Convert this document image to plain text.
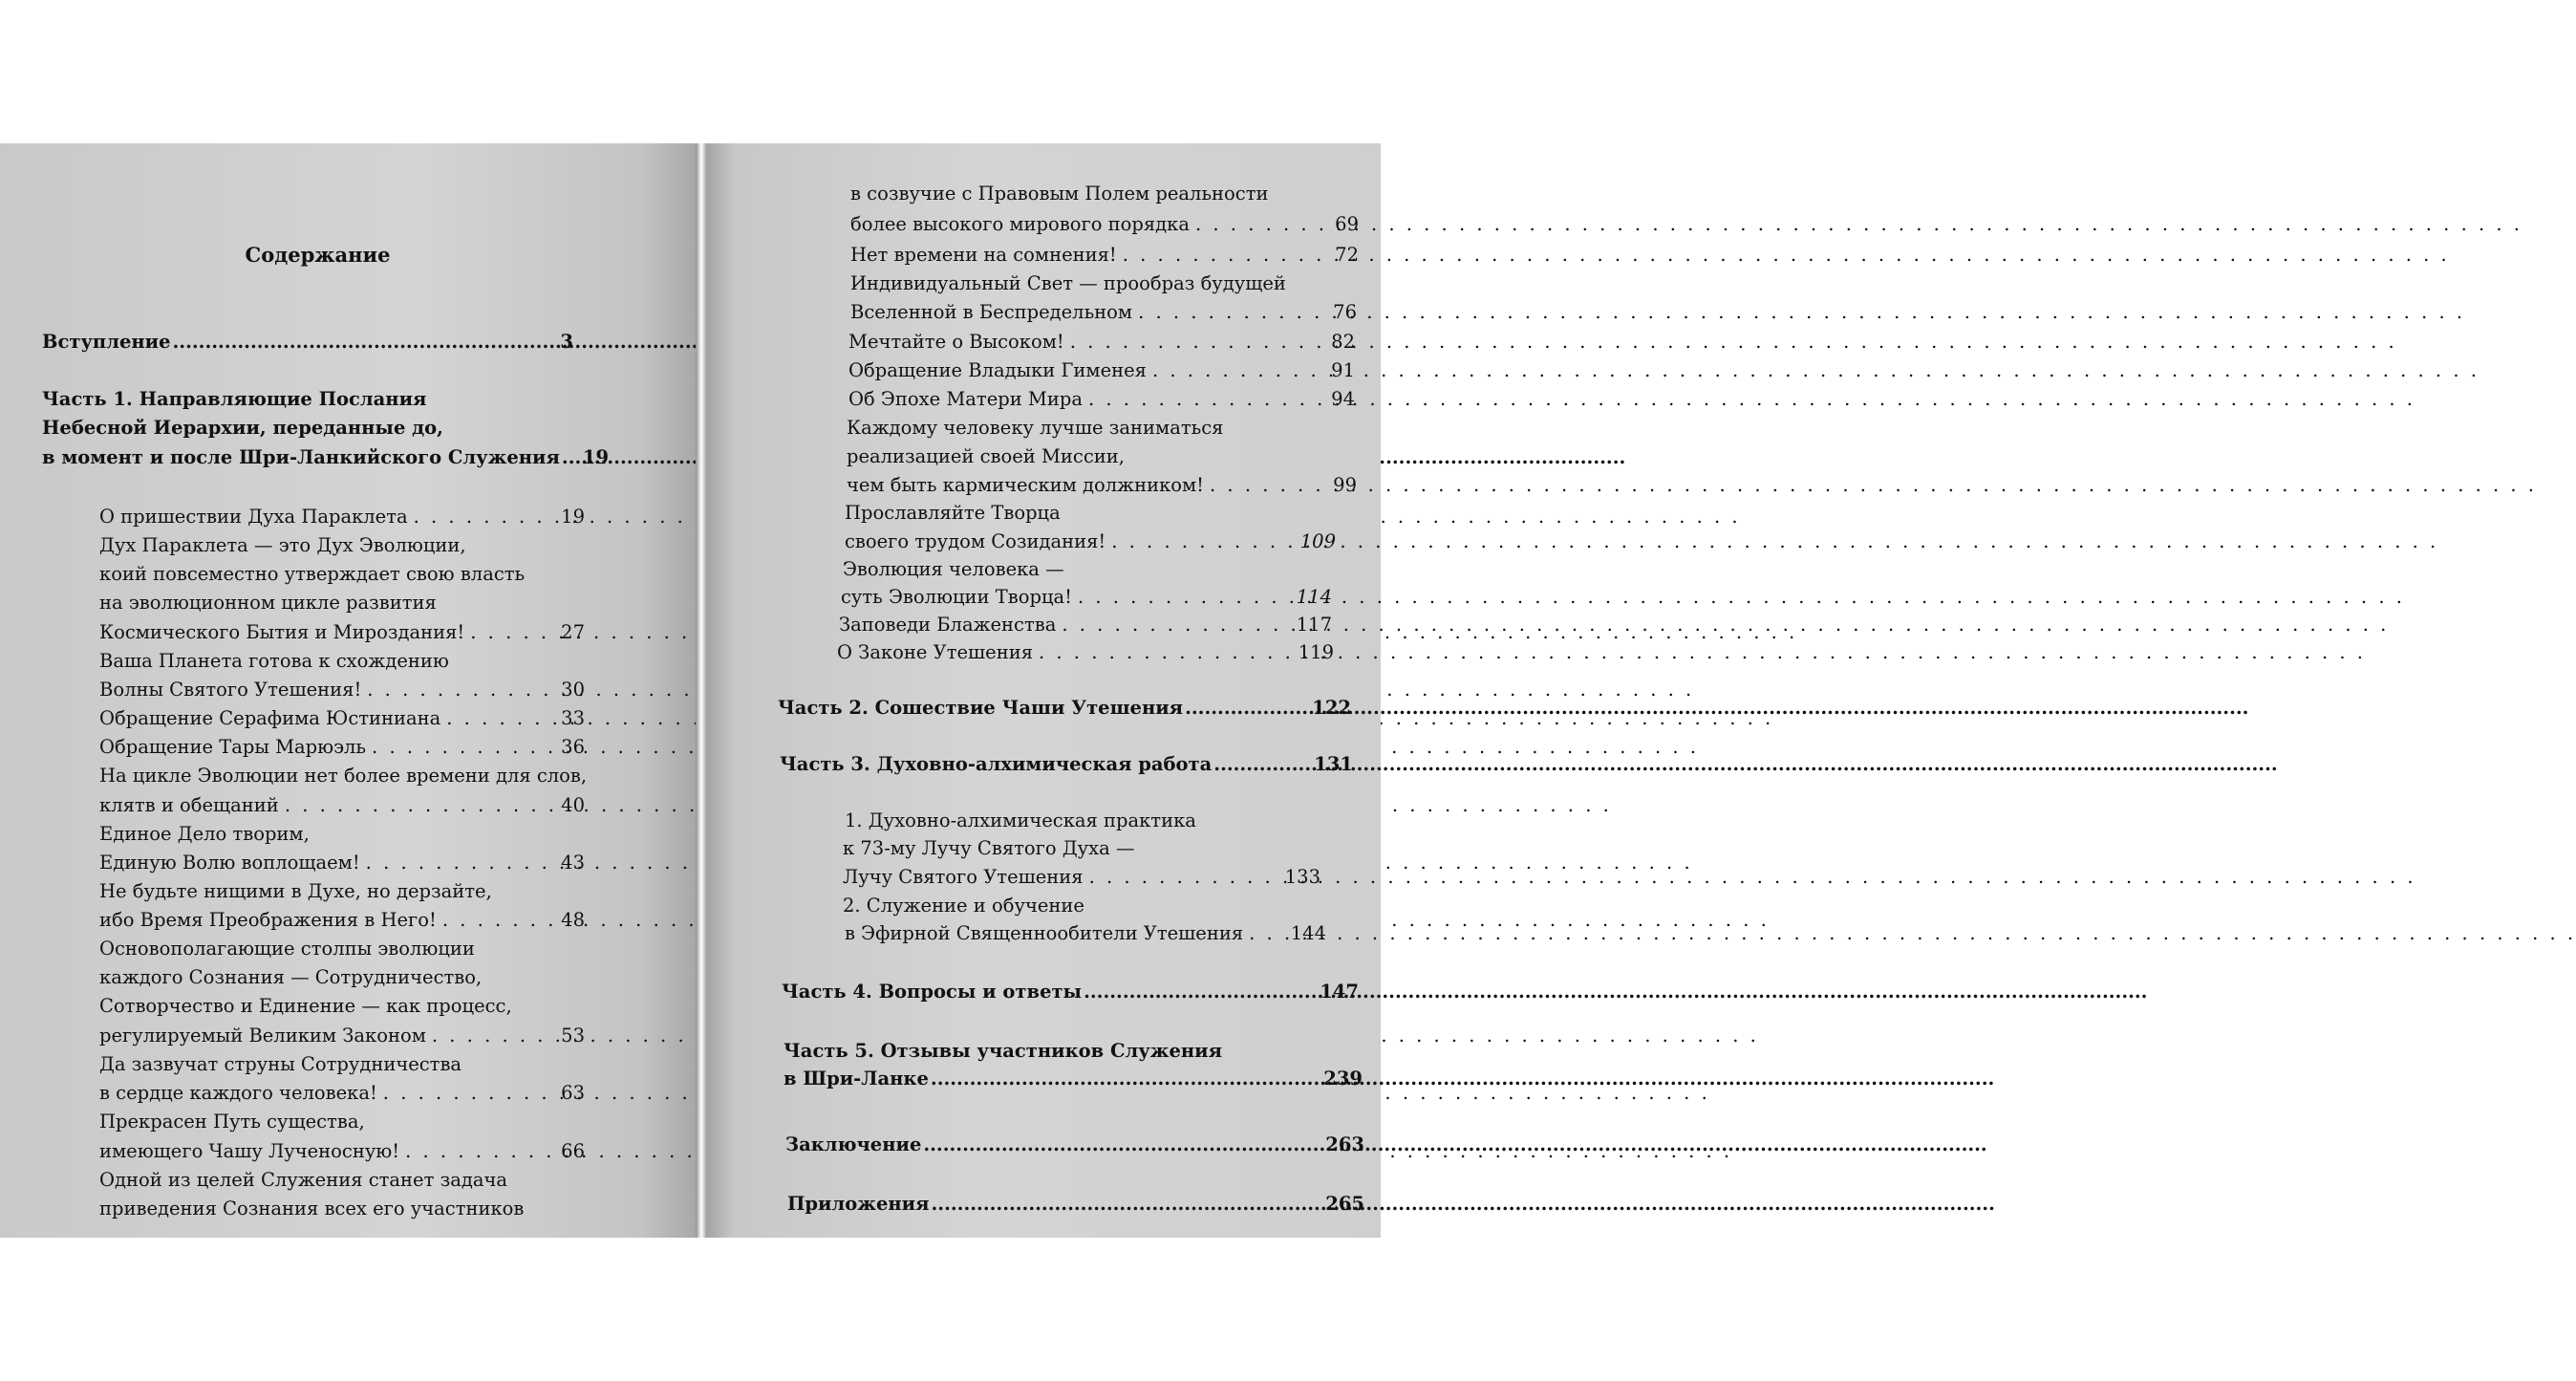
Содержание
Вступление .....	3
Часть 1. Направляющие Послания
Небесной Иерархии, переданные до,
в момент и после Шри-Ланкийского Служения ..... 19
О пришествии Духа Параклета . . .	19
Дух Параклета — это Дух Эволюции,
коий повсеместно утверждает свою власть
на эволюционном цикле развития
Космического Бытия и Мироздания! . . .	27
Ваша Планета готова к схождению
Волны Святого Утешения! . . .	30
Обращение Серафима Юстиниана . . .	33
Обращение Тары Марюэль . . .	36
На цикле Эволюции нет более времени для слов,
клятв и обещаний . . .	40
Единое Дело творим,
Единую Волю воплощаем! . . .	43
Не будьте нищими в Духе, но дерзайте,
ибо Время Преображения в Него! . . .	48
Основополагающие столпы эволюции
каждого Сознания — Сотрудничество,
Сотворчество и Единение — как процесс,
регулируемый Великим Законом . . .	53
Да зазвучат струны Сотрудничества
в сердце каждого человека! . . .	63
Прекрасен Путь существа,
имеющего Чашу Лученосную! . . .	66
Одной из целей Служения станет задача
приведения Сознания всех его участников
в созвучие с Правовым Полем реальности
более высокого мирового порядка . . .	69
Нет времени на сомнения! . . .	72
Индивидуальный Свет — прообраз будущей
Вселенной в Беспредельном . . .	76
Мечтайте о Высоком! . . .	82
Обращение Владыки Гименея . . .	91
Об Эпохе Матери Мира . . .	94
Каждому человеку лучше заниматься
реализацией своей Миссии,
чем быть кармическим должником! . . .	99
Прославляйте Творца
своего трудом Созидания! . . .	109
Эволюция человека —
суть Эволюции Творца! . . .	114
Заповеди Блаженства . . .	117
О Законе Утешения . . .	119
Часть 2. Сошествие Чаши Утешения .....	122
Часть 3. Духовно-алхимическая работа .....	131
1. Духовно-алхимическая практика
к 73-му Лучу Святого Духа —
Лучу Святого Утешения . . .	133
2. Служение и обучение
в Эфирной Священнообители Утешения . . .	144
Часть 4. Вопросы и ответы .....	147
Часть 5. Отзывы участников Служения
в Шри-Ланке .....	239
Заключение .....	263
Приложения .....	265
